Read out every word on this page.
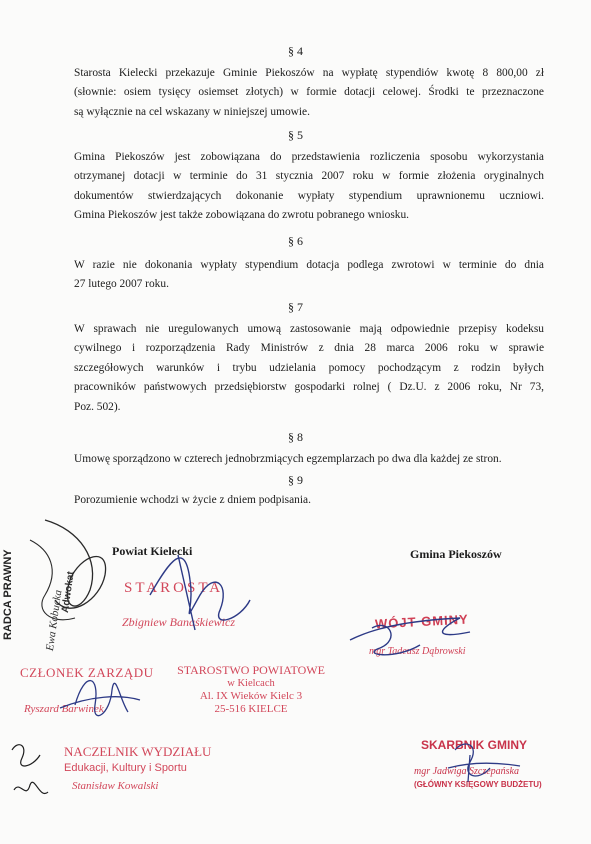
§ 4
Starosta Kielecki przekazuje Gminie Piekoszów na wypłatę stypendiów kwotę 8 800,00 zł
(słownie: osiem tysięcy osiemset złotych) w formie dotacji celowej. Środki te przeznaczone
są wyłącznie na cel wskazany w niniejszej umowie.
§ 5
Gmina Piekoszów jest zobowiązana do przedstawienia rozliczenia sposobu wykorzystania
otrzymanej dotacji w terminie do 31 stycznia 2007 roku w formie złożenia oryginalnych
dokumentów stwierdzających dokonanie wypłaty stypendium uprawnionemu uczniowi.
Gmina Piekoszów jest także zobowiązana do zwrotu pobranego wniosku.
§ 6
W razie nie dokonania wypłaty stypendium dotacja podlega zwrotowi w terminie do dnia
27 lutego 2007 roku.
§ 7
W sprawach nie uregulowanych umową zastosowanie mają odpowiednie przepisy kodeksu
cywilnego i rozporządzenia Rady Ministrów z dnia 28 marca 2006 roku w sprawie
szczegółowych warunków i trybu udzielania pomocy pochodzącym z rodzin byłych
pracowników państwowych przedsiębiorstw gospodarki rolnej ( Dz.U. z 2006 roku, Nr 73,
Poz. 502).
§ 8
Umowę sporządzono w czterech jednobrzmiących egzemplarzach po dwa dla każdej ze stron.
§ 9
Porozumienie wchodzi w życie z dniem podpisania.
Powiat Kielecki	Gmina Piekoszów
RADCA PRAWNY	Ewa Kobucka
Adwokat	STAROSTA
Zbigniew Banaśkiewicz
CZŁONEK ZARZĄDU
Ryszard Barwinek
STAROSTWO POWIATOWE
w Kielcach
Al. IX Wieków Kielc 3
25-516 KIELCE
NACZELNIK WYDZIAŁU
Edukacji, Kultury i Sportu
Stanisław Kowalski
WÓJT GMINY
mgr Tadeusz Dąbrowski
SKARBNIK GMINY
mgr Jadwiga Szczepańska
(GŁÓWNY KSIĘGOWY BUDŻETU)
